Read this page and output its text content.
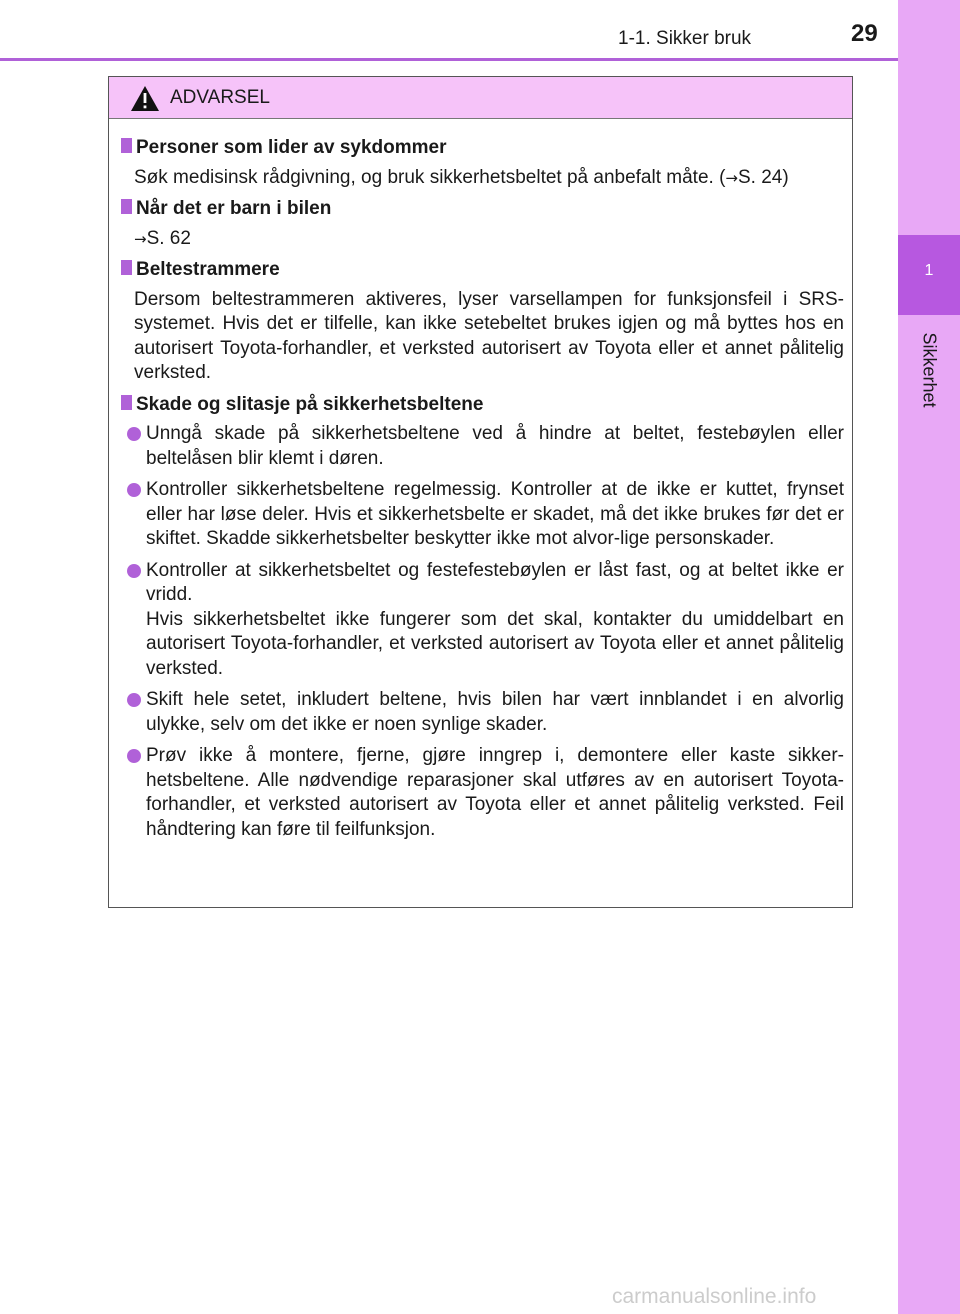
1-1. Sikker bruk	29
1
Sikkerhet
ADVARSEL
Personer som lider av sykdommer
Søk medisinsk rådgivning, og bruk sikkerhetsbeltet på anbefalt måte. (→S. 24)
Når det er barn i bilen
→S. 62
Beltestrammere
Dersom beltestrammeren aktiveres, lyser varsellampen for funksjonsfeil i SRS-systemet. Hvis det er tilfelle, kan ikke setebeltet brukes igjen og må byttes hos en autorisert Toyota-forhandler, et verksted autorisert av Toyota eller et annet pålitelig verksted.
Skade og slitasje på sikkerhetsbeltene
Unngå skade på sikkerhetsbeltene ved å hindre at beltet, festebøylen eller beltelåsen blir klemt i døren.
Kontroller sikkerhetsbeltene regelmessig. Kontroller at de ikke er kuttet, frynset eller har løse deler. Hvis et sikkerhetsbelte er skadet, må det ikke brukes før det er skiftet. Skadde sikkerhetsbelter beskytter ikke mot alvor-lige personskader.
Kontroller at sikkerhetsbeltet og festefestebøylen er låst fast, og at beltet ikke er vridd.
Hvis sikkerhetsbeltet ikke fungerer som det skal, kontakter du umiddelbart en autorisert Toyota-forhandler, et verksted autorisert av Toyota eller et annet pålitelig verksted.
Skift hele setet, inkludert beltene, hvis bilen har vært innblandet i en alvorlig ulykke, selv om det ikke er noen synlige skader.
Prøv ikke å montere, fjerne, gjøre inngrep i, demontere eller kaste sikker-hetsbeltene. Alle nødvendige reparasjoner skal utføres av en autorisert Toyota-forhandler, et verksted autorisert av Toyota eller et annet pålitelig verksted. Feil håndtering kan føre til feilfunksjon.
carmanualsonline.info
